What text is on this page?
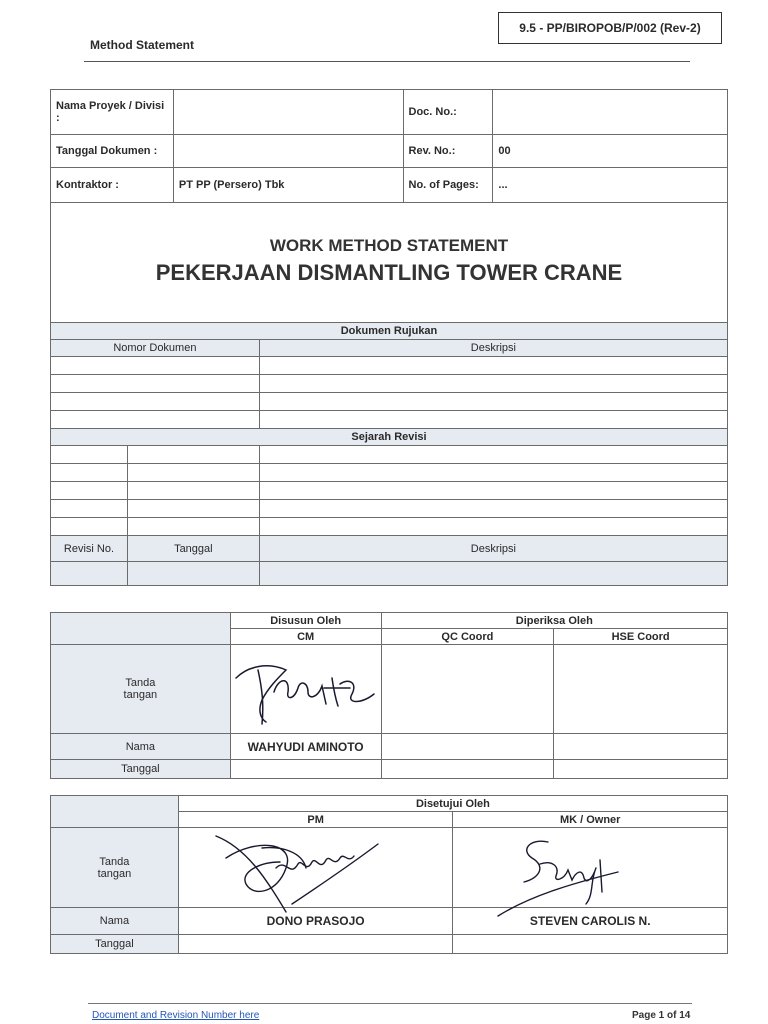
9.5 - PP/BIROPOB/P/002 (Rev-2)
Method Statement
Nama Proyek / Divisi :		Doc. No.:	
Tanggal Dokumen :		Rev. No.:	00
Kontraktor :	PT PP (Persero) Tbk	No. of Pages:	...
WORK METHOD STATEMENT
PEKERJAAN DISMANTLING TOWER CRANE
Dokumen Rujukan		
Nomor Dokumen		Deskripsi

Sejarah Revisi		

Revisi No.	Tanggal	Deskripsi

	Disusun Oleh	Diperiksa Oleh	
	CM	QC Coord	HSE Coord

Tanda tangan			

Nama	WAHYUDI AMINOTO		
Tanggal			
	Disetujui Oleh	
	PM	MK / Owner

Tanda tangan		

Nama	DONO PRASOJO	STEVEN CAROLIS N.
Tanggal		
Document and Revision Number here	Page 1 of 14
